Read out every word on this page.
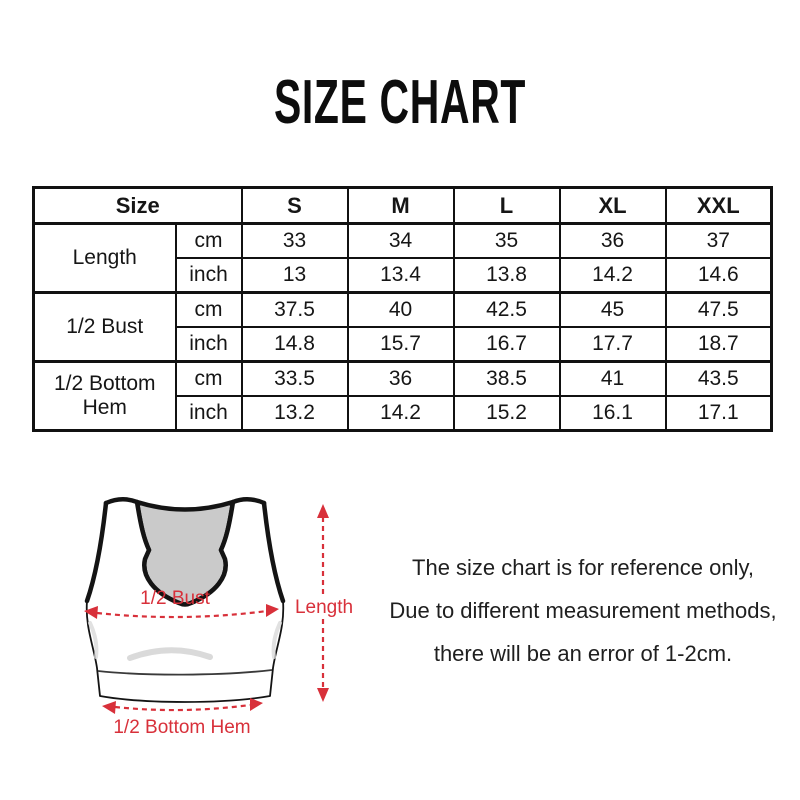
SIZE CHART
Size		S	M	L	XL	XXL
Length	cm	33	34	35	36	37
	inch	13	13.4	13.8	14.2	14.6
1/2 Bust	cm	37.5	40	42.5	45	47.5
	inch	14.8	15.7	16.7	17.7	18.7
1/2 Bottom Hem	cm	33.5	36	38.5	41	43.5
	inch	13.2	14.2	15.2	16.1	17.1
1/2 Bust
1/2 Bottom Hem
Length
The size chart is for reference only,
Due to different measurement methods,
there will be an error of 1-2cm.
